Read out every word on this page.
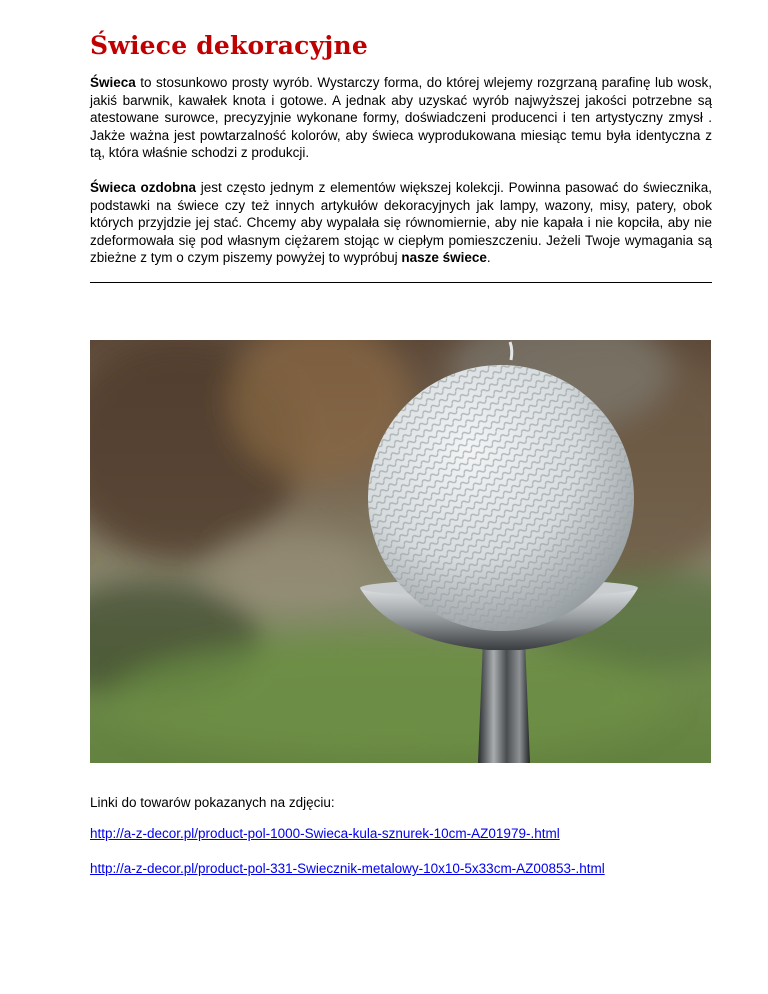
Świece dekoracyjne

Świeca to stosunkowo prosty wyrób. Wystarczy forma, do której wlejemy rozgrzaną parafinę lub wosk, jakiś barwnik, kawałek knota i gotowe. A jednak aby uzyskać wyrób najwyższej jakości potrzebne są atestowane surowce, precyzyjnie wykonane formy, doświadczeni producenci i ten artystyczny zmysł . Jakże ważna jest powtarzalność kolorów, aby świeca wyprodukowana miesiąc temu była identyczna z tą, która właśnie schodzi z produkcji.

Świeca ozdobna jest często jednym z elementów większej kolekcji. Powinna pasować do świecznika, podstawki na świece czy też innych artykułów dekoracyjnych jak lampy, wazony, misy, patery, obok których przyjdzie jej stać. Chcemy aby wypalała się równomiernie, aby nie kapała i nie kopciła, aby nie zdeformowała się pod własnym ciężarem stojąc w ciepłym pomieszczeniu. Jeżeli Twoje wymagania są zbieżne z tym o czym piszemy powyżej to wypróbuj nasze świece.

Linki do towarów pokazanych na zdjęciu:

http://a-z-decor.pl/product-pol-1000-Swieca-kula-sznurek-10cm-AZ01979-.html
http://a-z-decor.pl/product-pol-331-Swiecznik-metalowy-10x10-5x33cm-AZ00853-.html
